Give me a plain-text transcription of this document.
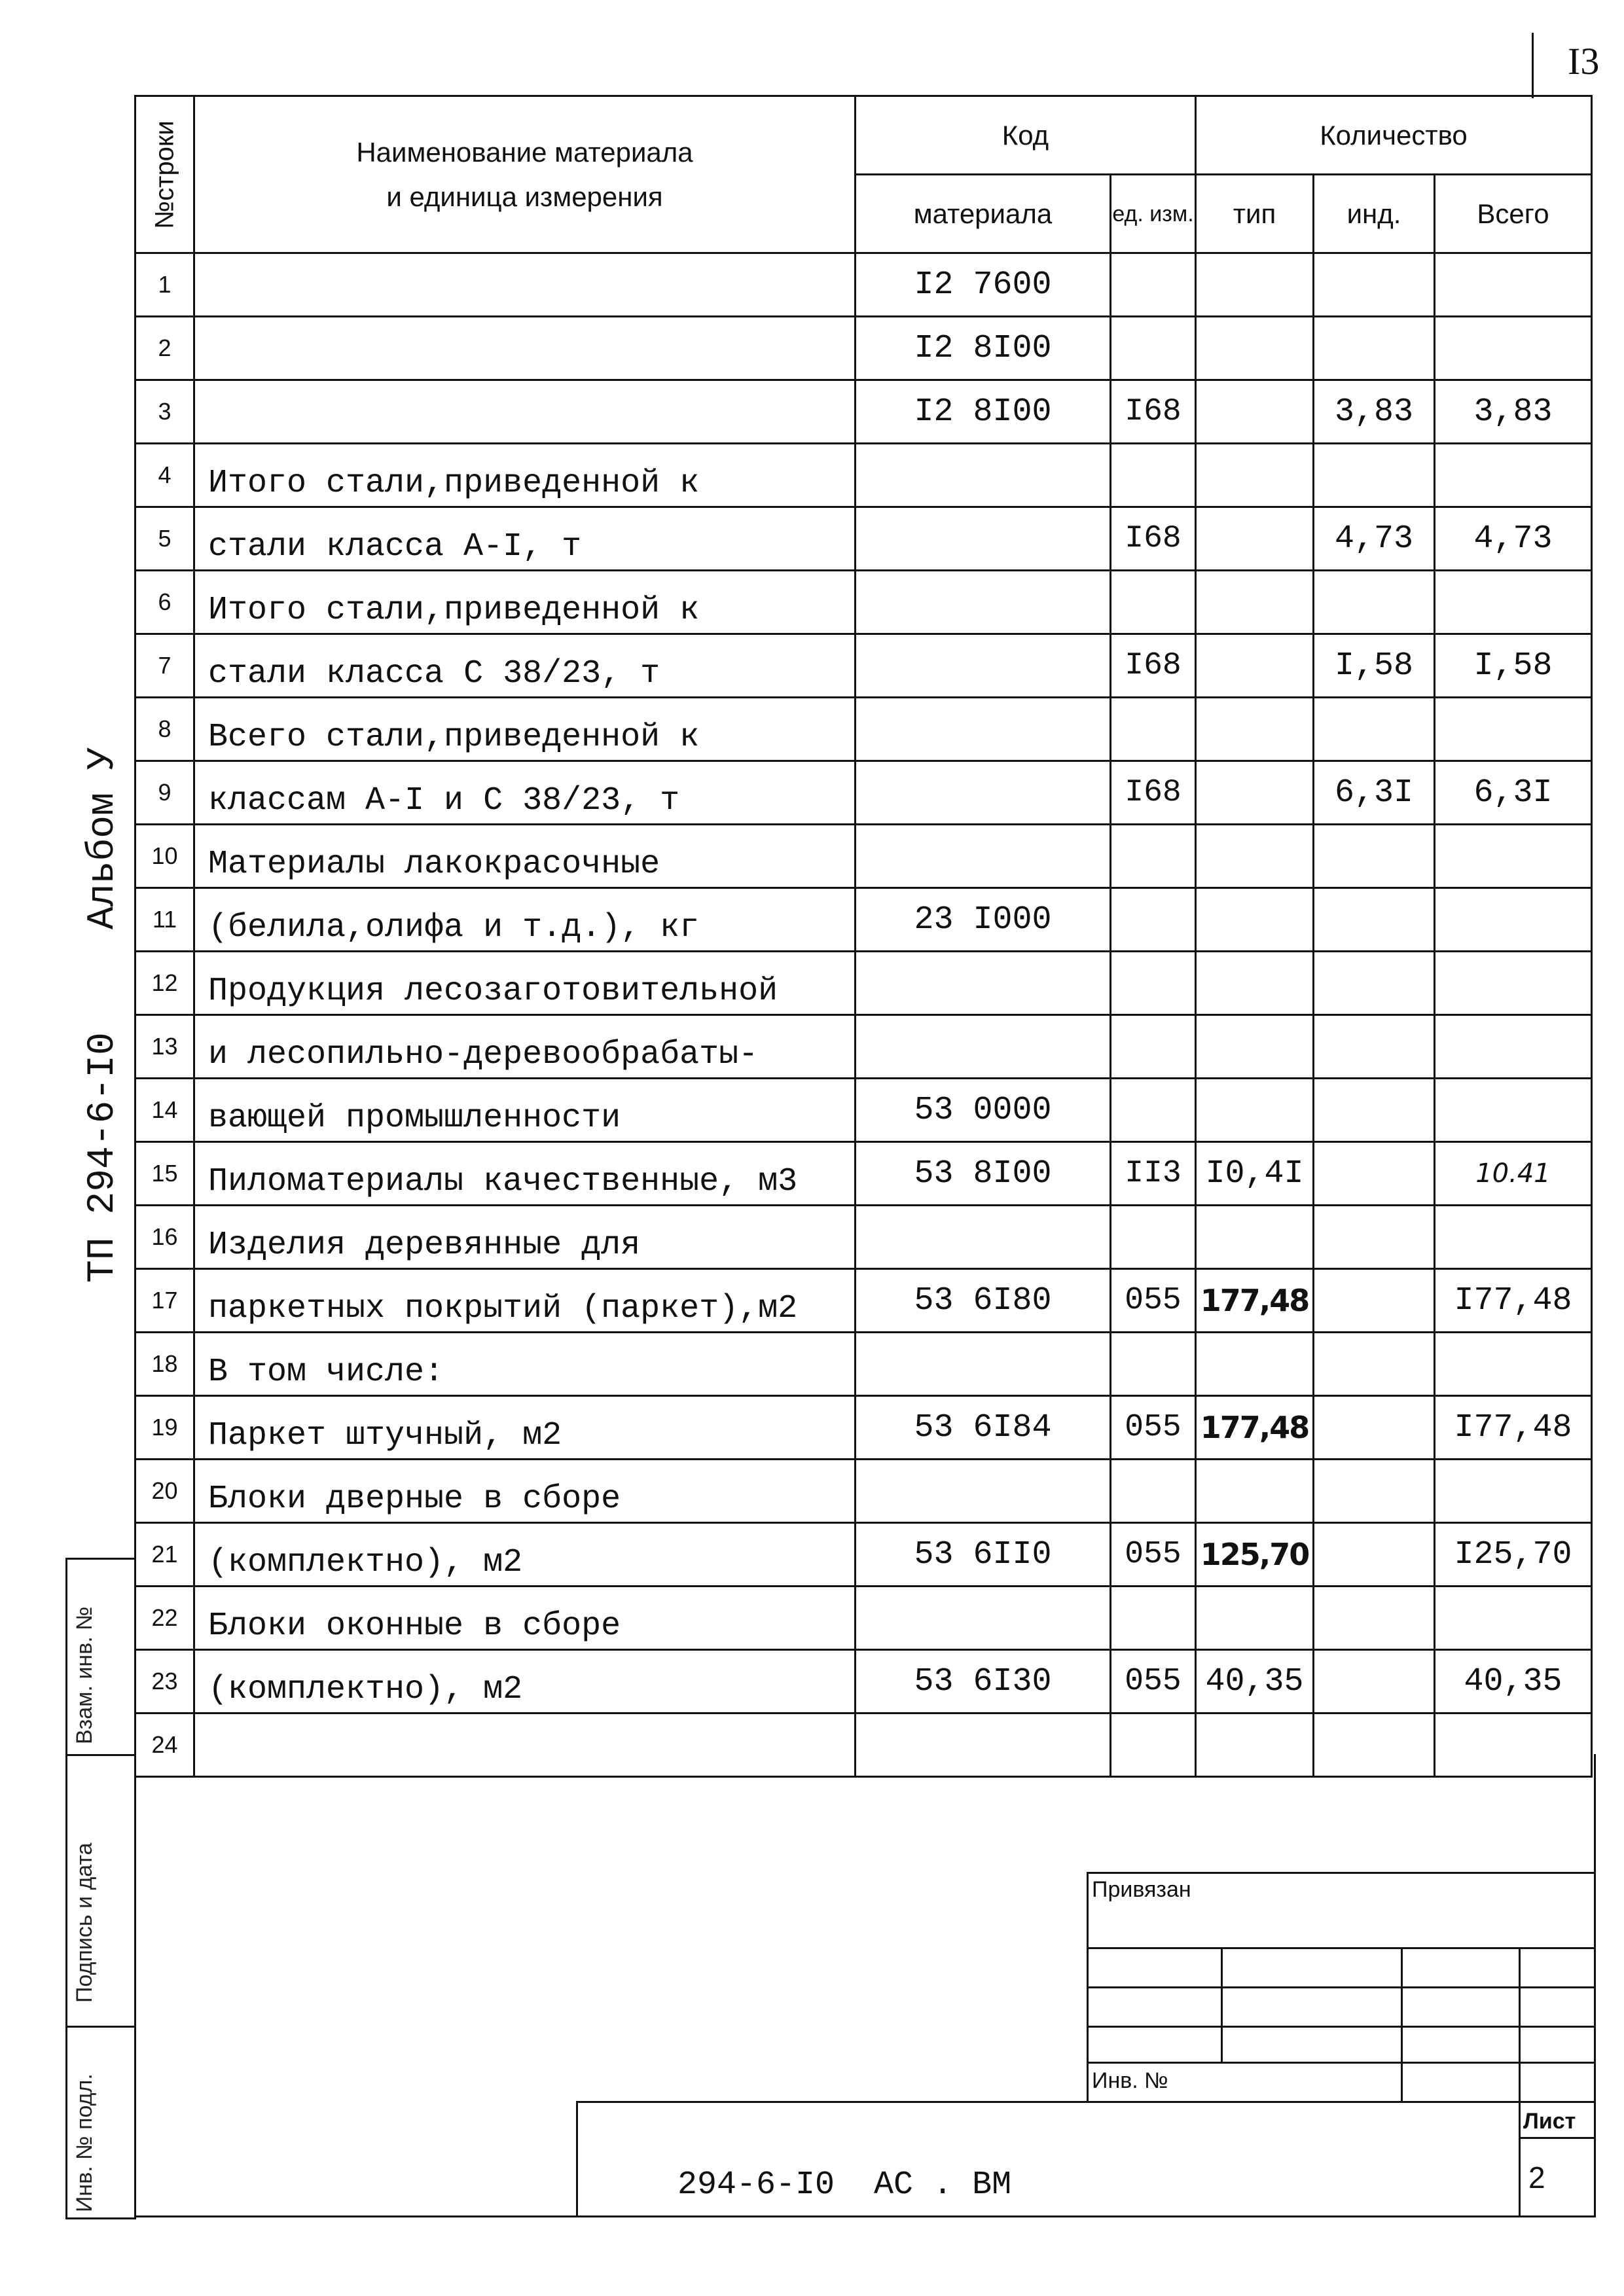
I3
Альбом У
ТП 294-6-I0
№строки	Наименование материала
и единица измерения	Код		Количество		
		материала	ед. изм.	тип	инд.	Всего
1		I2 7600				
2		I2 8I00				
3		I2 8I00	I68		3,83	3,83
4	Итого стали,приведенной к					
5	стали класса А-I, т		I68		4,73	4,73
6	Итого стали,приведенной к					
7	стали класса С 38/23, т		I68		I,58	I,58
8	Всего стали,приведенной к					
9	классам А-I и С 38/23, т		I68		6,3I	6,3I
10	Материалы лакокрасочные					
11	(белила,олифа и т.д.), кг	23 I000				
12	Продукция лесозаготовительной					
13	и лесопильно-деревообрабаты-					
14	вающей промышленности	53 0000				
15	Пиломатериалы качественные, м3	53 8I00	II3	I0,4I		10.41
16	Изделия деревянные для					
17	паркетных покрытий (паркет),м2	53 6I80	055	177,48		I77,48
18	В том числе:					
19	Паркет штучный, м2	53 6I84	055	177,48		I77,48
20	Блоки дверные в сборе					
21	(комплектно), м2	53 6II0	055	125,70		I25,70
22	Блоки оконные в сборе					
23	(комплектно), м2	53 6I30	055	40,35		40,35
24						
Инв. № подл.
Подпись и дата
Взам. инв. №
Привязан
Инв. №
Лист
2
294-6-I0  АС . ВМ
